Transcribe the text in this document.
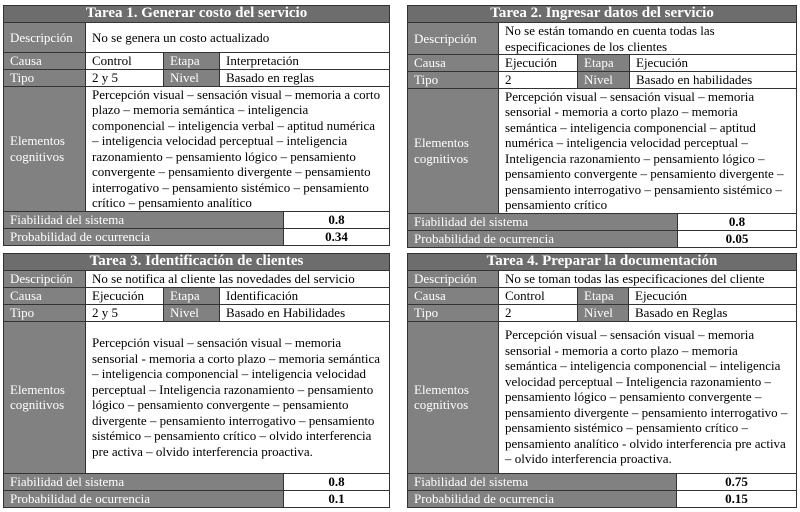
Tarea 1. Generar costo del servicio				
Descripción	No se genera un costo actualizado			
Causa	Control	Etapa	Interpretación	
Tipo	2 y 5	Nivel	Basado en reglas	
Elementos cognitivos	Percepción visual – sensación visual – memoria a corto plazo – memoria semántica – inteligencia componencial – inteligencia verbal – aptitud numérica – inteligencia velocidad perceptual – inteligencia razonamiento – pensamiento lógico – pensamiento convergente – pensamiento divergente – pensamiento interrogativo – pensamiento sistémico – pensamiento crítico – pensamiento analítico			
Fiabilidad del sistema				0.8
Probabilidad de ocurrencia				0.34
Tarea 2. Ingresar datos del servicio				
Descripción	No se están tomando en cuenta todas las especificaciones de los clientes			
Causa	Ejecución	Etapa	Ejecución	
Tipo	2	Nivel	Basado en habilidades	
Elementos cognitivos	Percepción visual – sensación visual – memoria sensorial - memoria a corto plazo – memoria semántica – inteligencia componencial – aptitud numérica – inteligencia velocidad perceptual – Inteligencia razonamiento – pensamiento lógico – pensamiento convergente – pensamiento divergente – pensamiento interrogativo – pensamiento sistémico – pensamiento crítico			
Fiabilidad del sistema				0.8
Probabilidad de ocurrencia				0.05
Tarea 3. Identificación de clientes				
Descripción	No se notifica al cliente las novedades del servicio			
Causa	Ejecución	Etapa	Identificación	
Tipo	2 y 5	Nivel	Basado en Habilidades	
Elementos cognitivos	Percepción visual – sensación visual – memoria sensorial - memoria a corto plazo – memoria semántica – inteligencia componencial – inteligencia velocidad perceptual – Inteligencia razonamiento – pensamiento lógico – pensamiento convergente – pensamiento divergente – pensamiento interrogativo – pensamiento sistémico – pensamiento crítico – olvido interferencia pre activa – olvido interferencia proactiva.			
Fiabilidad del sistema				0.8
Probabilidad de ocurrencia				0.1
Tarea 4. Preparar la documentación				
Descripción	No se toman todas las especificaciones del cliente			
Causa	Control	Etapa	Ejecución	
Tipo	2	Nivel	Basado en Reglas	
Elementos cognitivos	Percepción visual – sensación visual – memoria sensorial - memoria a corto plazo – memoria semántica – inteligencia componencial – inteligencia velocidad perceptual – Inteligencia razonamiento – pensamiento lógico – pensamiento convergente – pensamiento divergente – pensamiento interrogativo – pensamiento sistémico – pensamiento crítico – pensamiento analítico - olvido interferencia pre activa – olvido interferencia proactiva.			
Fiabilidad del sistema				0.75
Probabilidad de ocurrencia				0.15
